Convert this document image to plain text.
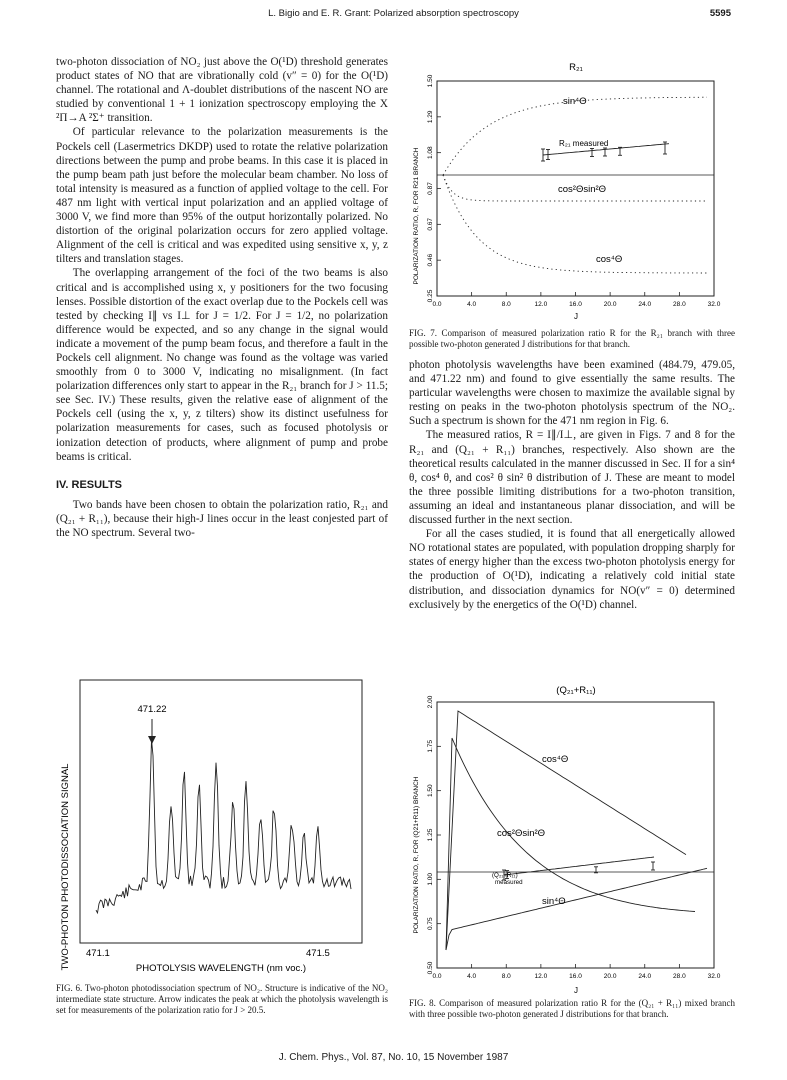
L. Bigio and E. R. Grant: Polarized absorption spectroscopy	5595

two-photon dissociation of NO₂ just above the O(¹D) threshold generates product states of NO that are vibrationally cold (v″ = 0) for the O(¹D) channel. The rotational and Λ-doublet distributions of the nascent NO are studied by conventional 1 + 1 ionization spectroscopy employing the X ²Π→A ²Σ⁺ transition.

Of particular relevance to the polarization measurements is the Pockels cell (Lasermetrics DKDP) used to rotate the relative polarization directions between the pump and probe beams. In this case it is placed in the pump beam path just before the molecular beam chamber. No loss of total intensity is measured as a function of applied voltage to the cell. For 487 nm light with vertical input polarization and an applied voltage of 3000 V, we find more than 95% of the output horizontally polarized. No distortion of the original polarization occurs for zero applied voltage. Alignment of the cell is critical and was expedited using sensitive x, y, z tilters and translation stages.

The overlapping arrangement of the foci of the two beams is also critical and is accomplished using x, y positioners for the two focusing lenses. Possible distortion of the exact overlap due to the Pockels cell was tested by checking I∥ vs I⊥ for J = 1/2. For J = 1/2, no polarization difference would be expected, and so any change in the signal would indicate a movement of the pump beam focus, and therefore a fault in the Pockels cell alignment. No change was found as the voltage was varied smoothly from 0 to 3000 V, indicating no misalignment. (In fact polarization differences only start to appear in the R₂₁ branch for J > 11.5; see Sec. IV.) These results, given the relative ease of alignment of the Pockels cell (using the x, y, z tilters) show its distinct usefulness for polarization measurements for cases, such as focused photolysis or ionization detection of products, where alignment of pump and probe beams is critical.

IV. RESULTS

Two bands have been chosen to obtain the polarization ratio, R₂₁ and (Q₂₁ + R₁₁), because their high-J lines occur in the least conjested part of the NO spectrum. Several two-

TWO-PHOTON PHOTODISSOCIATION SIGNAL
471.22
471.1	471.5
PHOTOLYSIS WAVELENGTH (nm voc.)
FIG. 6. Two-photon photodissociation spectrum of NO₂. Structure is indicative of the NO₂ intermediate state structure. Arrow indicates the peak at which the photolysis wavelength is set for measurements of the polarization ratio for J > 20.5.
R₂₁
POLARIZATION RATIO, R, FOR R21 BRANCH
0.25
0.46
0.67
0.87
1.08
1.29
1.50
0.0	4.0	8.0	12.0	16.0	20.0	24.0	28.0	32.0
sin⁴Θ
R₂₁ measured
cos²Θsin²Θ
cos⁴Θ
J
FIG. 7. Comparison of measured polarization ratio R for the R₂₁ branch with three possible two-photon generated J distributions for that branch.

photon photolysis wavelengths have been examined (484.79, 479.05, and 471.22 nm) and found to give essentially the same results. The particular wavelengths were chosen to maximize the available signal by resting on peaks in the two-photon photolysis spectrum of the NO₂. Such a spectrum is shown for the 471 nm region in Fig. 6.

The measured ratios, R = I∥/I⊥, are given in Figs. 7 and 8 for the R₂₁ and (Q₂₁ + R₁₁) branches, respectively. Also shown are the theoretical results calculated in the manner discussed in Sec. II for a sin⁴ θ, cos⁴ θ, and cos² θ sin² θ distribution of J. These are meant to model the three possible limiting distributions for a two-photon transition, assuming an ideal and instantaneous planar dissociation, and will be discussed further in the next section.

For all the cases studied, it is found that all energetically allowed NO rotational states are populated, with population dropping sharply for states of energy higher than the excess two-photon photolysis energy for the production of O(¹D), indicating a relatively cold initial state distribution, and dissociation dynamics for NO(v″ = 0) determined exclusively by the energetics of the O(¹D) channel.

(Q₂₁+R₁₁)
POLARIZATION RATIO, R, FOR (Q21+R11) BRANCH
0.50
0.75
1.00
1.25
1.50
1.75
2.00
0.0	4.0	8.0	12.0	16.0	20.0	24.0	28.0	32.0
cos⁴Θ
cos²Θsin²Θ
(Q₂₁+R₁₁)
measured
sin⁴Θ
J
FIG. 8. Comparison of measured polarization ratio R for the (Q₂₁ + R₁₁) mixed branch with three possible two-photon generated J distributions for that branch.
J. Chem. Phys., Vol. 87, No. 10, 15 November 1987
